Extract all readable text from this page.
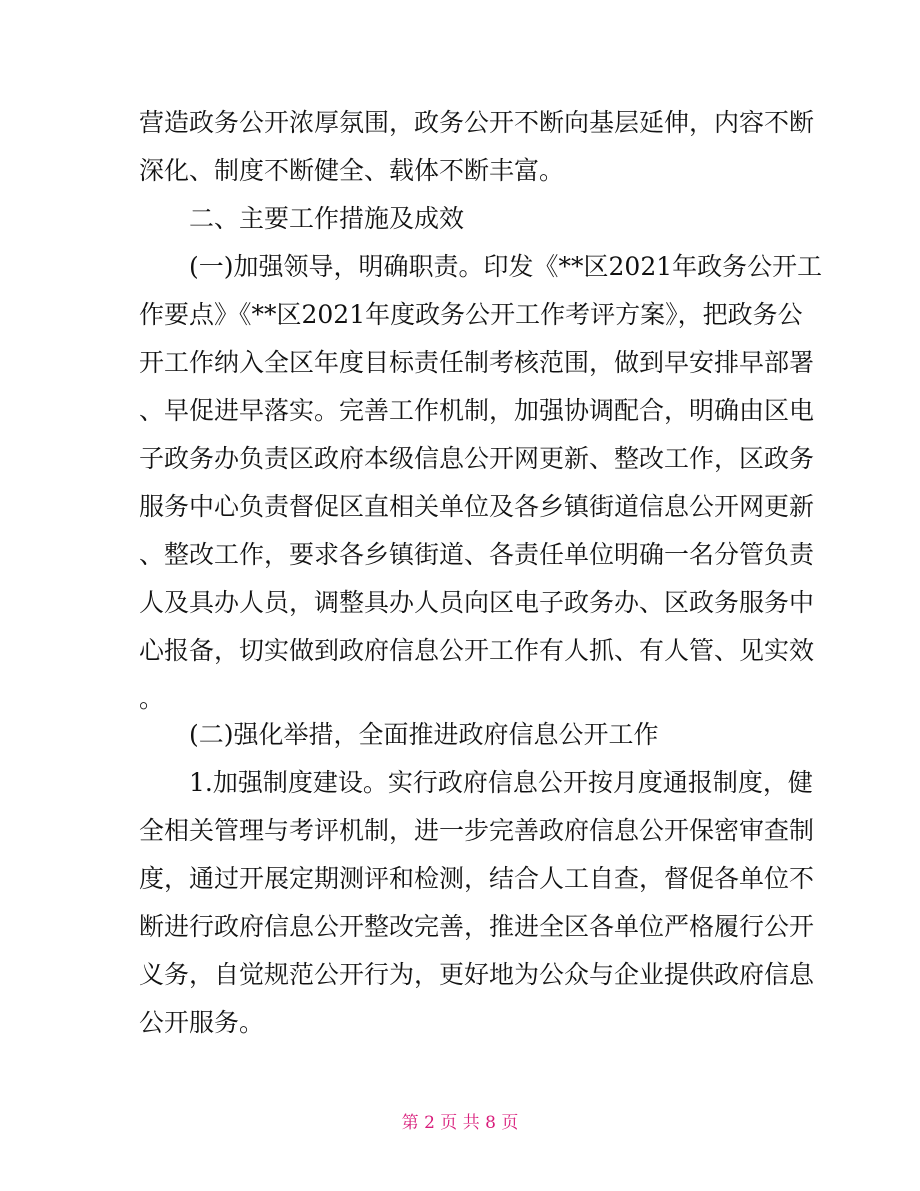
营造政务公开浓厚氛围，政务公开不断向基层延伸，内容不断
深化、制度不断健全、载体不断丰富。
二、主要工作措施及成效
(一)加强领导，明确职责。印发《**区2021年政务公开工
作要点》《**区2021年度政务公开工作考评方案》，把政务公
开工作纳入全区年度目标责任制考核范围，做到早安排早部署
、早促进早落实。完善工作机制，加强协调配合，明确由区电
子政务办负责区政府本级信息公开网更新、整改工作，区政务
服务中心负责督促区直相关单位及各乡镇街道信息公开网更新
、整改工作，要求各乡镇街道、各责任单位明确一名分管负责
人及具办人员，调整具办人员向区电子政务办、区政务服务中
心报备，切实做到政府信息公开工作有人抓、有人管、见实效
。
(二)强化举措，全面推进政府信息公开工作
1.加强制度建设。实行政府信息公开按月度通报制度，健
全相关管理与考评机制，进一步完善政府信息公开保密审查制
度，通过开展定期测评和检测，结合人工自查，督促各单位不
断进行政府信息公开整改完善，推进全区各单位严格履行公开
义务，自觉规范公开行为，更好地为公众与企业提供政府信息
公开服务。
第 2 页 共 8 页
